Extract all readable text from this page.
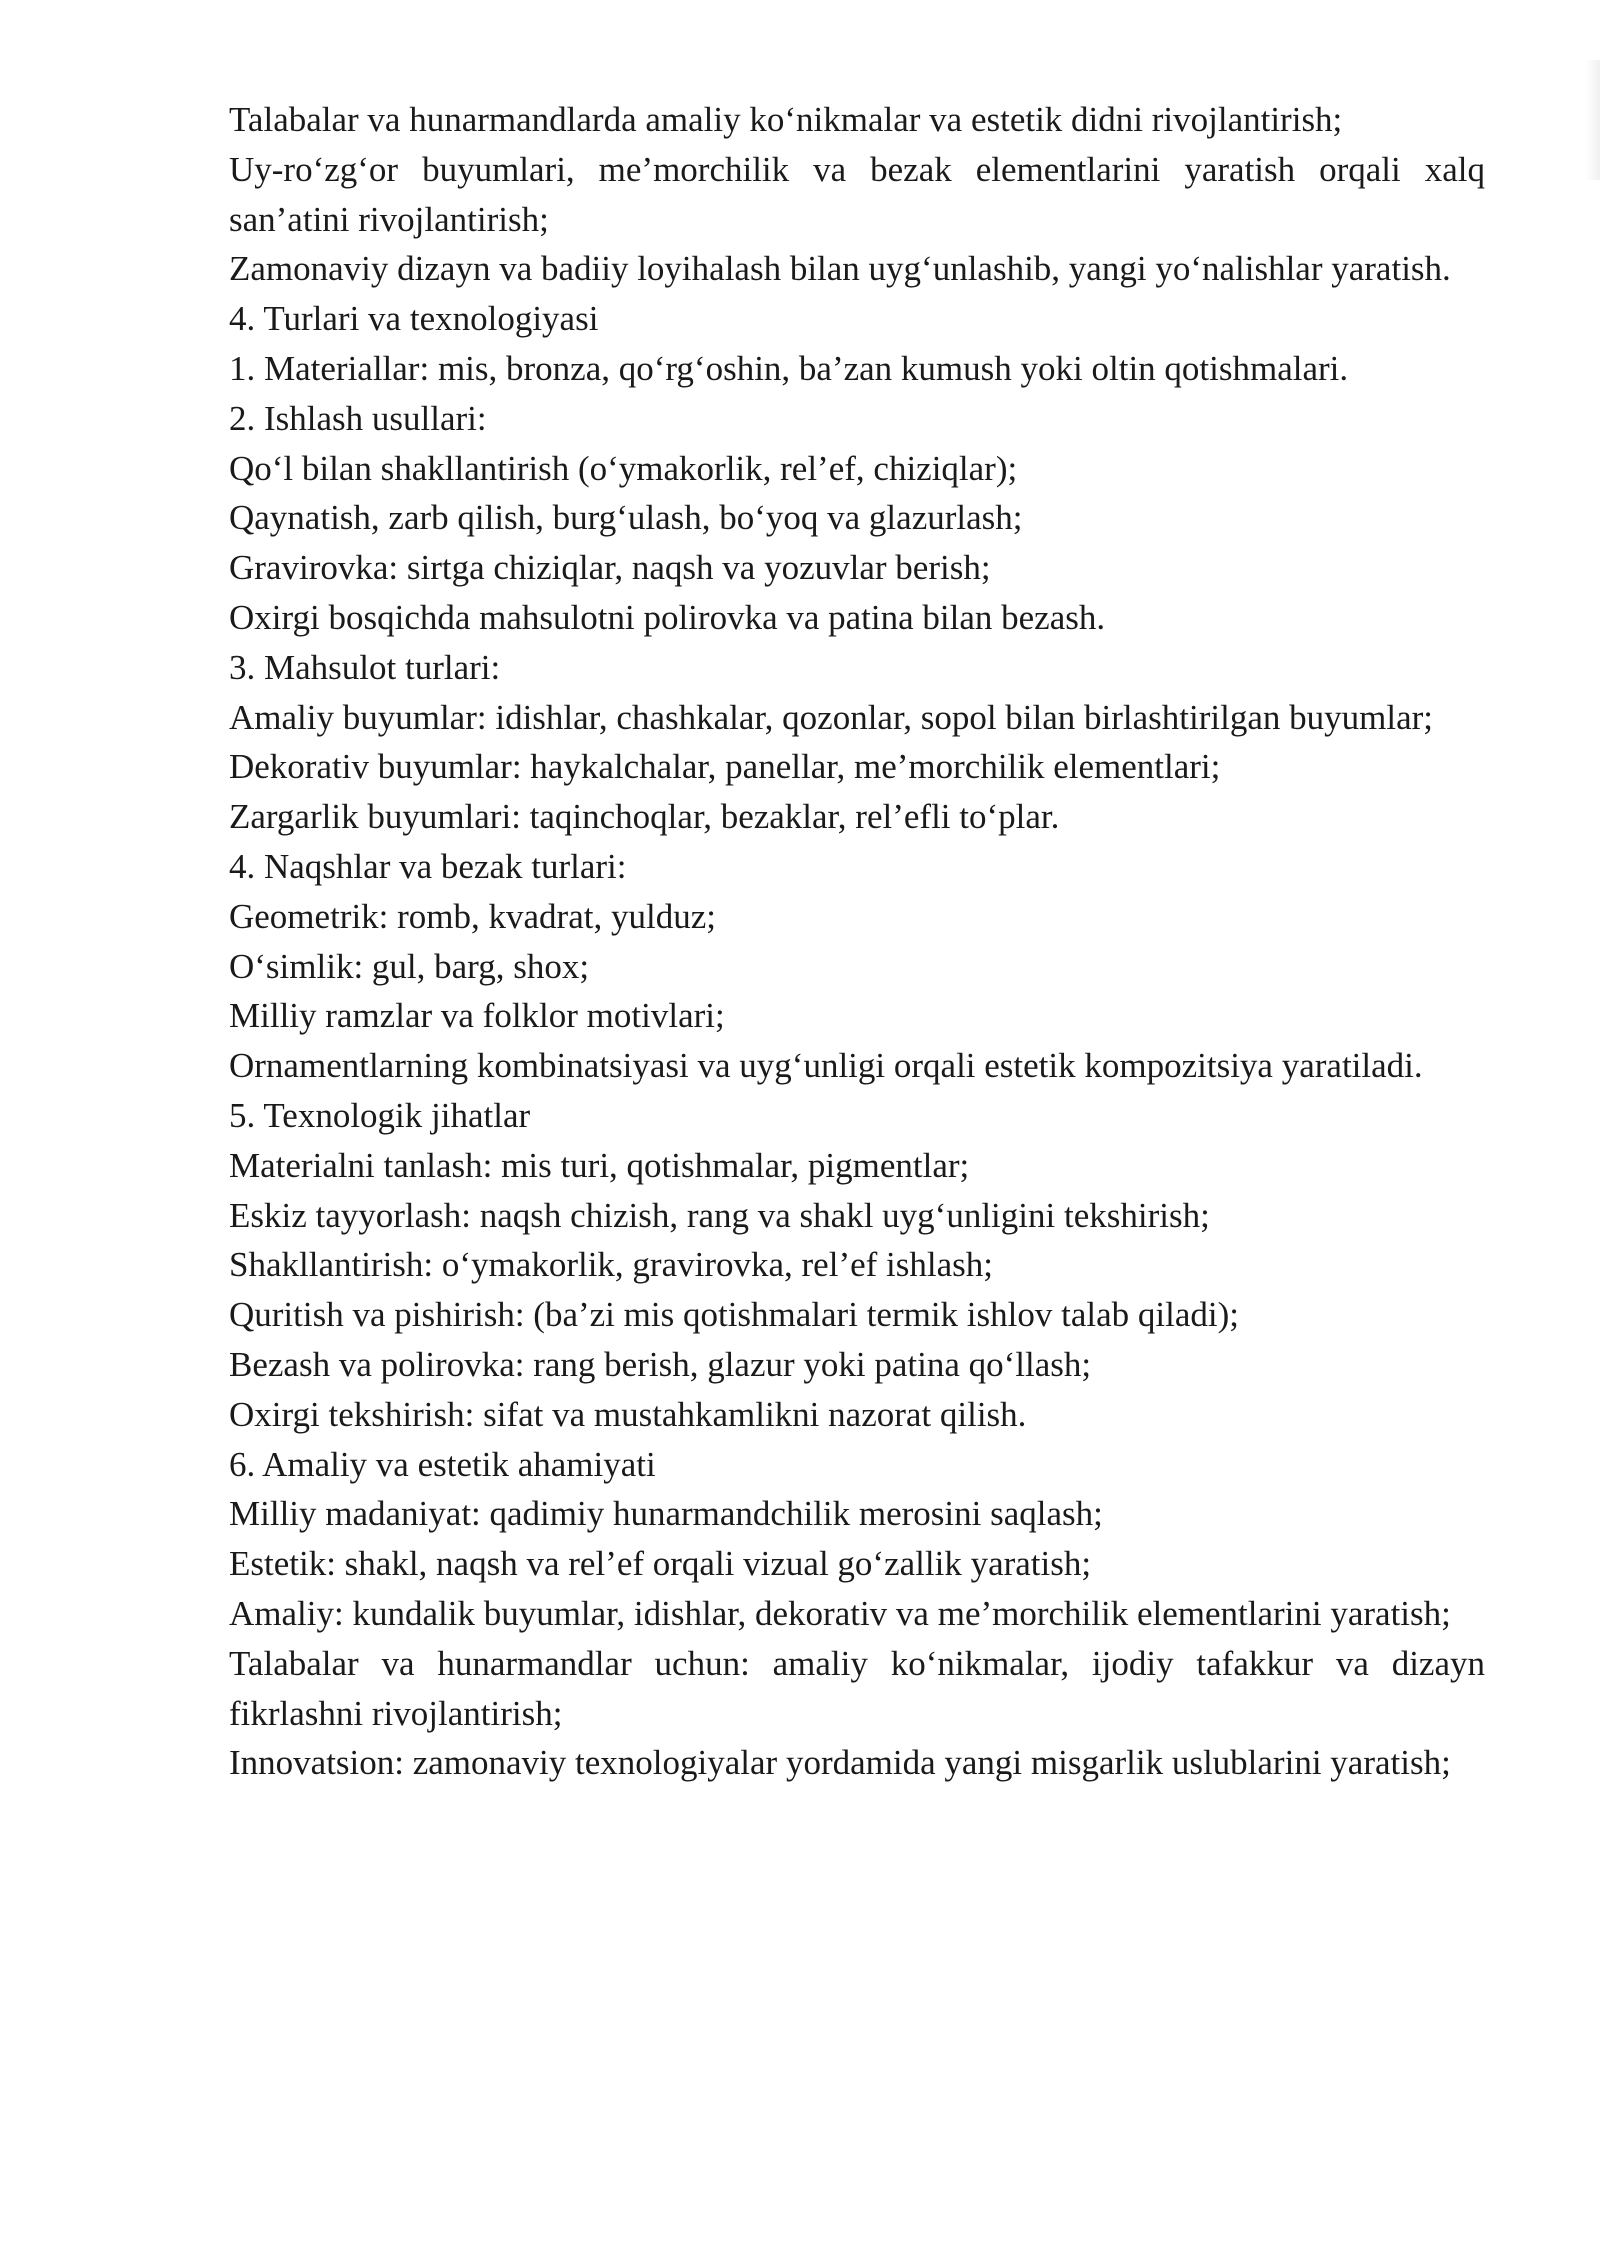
Talabalar va hunarmandlarda amaliy ko‘nikmalar va estetik didni rivojlantirish;

Uy-ro‘zg‘or buyumlari, me’morchilik va bezak elementlarini yaratish orqali xalq san’atini rivojlantirish;

Zamonaviy dizayn va badiiy loyihalash bilan uyg‘unlashib, yangi yo‘nalishlar yaratish.

4. Turlari va texnologiyasi

1. Materiallar: mis, bronza, qo‘rg‘oshin, ba’zan kumush yoki oltin qotishmalari.

2. Ishlash usullari:

Qo‘l bilan shakllantirish (o‘ymakorlik, rel’ef, chiziqlar);

Qaynatish, zarb qilish, burg‘ulash, bo‘yoq va glazurlash;

Gravirovka: sirtga chiziqlar, naqsh va yozuvlar berish;

Oxirgi bosqichda mahsulotni polirovka va patina bilan bezash.

3. Mahsulot turlari:

Amaliy buyumlar: idishlar, chashkalar, qozonlar, sopol bilan birlashtirilgan buyumlar;

Dekorativ buyumlar: haykalchalar, panellar, me’morchilik elementlari;

Zargarlik buyumlari: taqinchoqlar, bezaklar, rel’efli to‘plar.

4. Naqshlar va bezak turlari:

Geometrik: romb, kvadrat, yulduz;

O‘simlik: gul, barg, shox;

Milliy ramzlar va folklor motivlari;

Ornamentlarning kombinatsiyasi va uyg‘unligi orqali estetik kompozitsiya yaratiladi.

5. Texnologik jihatlar

Materialni tanlash: mis turi, qotishmalar, pigmentlar;

Eskiz tayyorlash: naqsh chizish, rang va shakl uyg‘unligini tekshirish;

Shakllantirish: o‘ymakorlik, gravirovka, rel’ef ishlash;

Quritish va pishirish: (ba’zi mis qotishmalari termik ishlov talab qiladi);

Bezash va polirovka: rang berish, glazur yoki patina qo‘llash;

Oxirgi tekshirish: sifat va mustahkamlikni nazorat qilish.

6. Amaliy va estetik ahamiyati

Milliy madaniyat: qadimiy hunarmandchilik merosini saqlash;

Estetik: shakl, naqsh va rel’ef orqali vizual go‘zallik yaratish;

Amaliy: kundalik buyumlar, idishlar, dekorativ va me’morchilik elementlarini yaratish;

Talabalar va hunarmandlar uchun: amaliy ko‘nikmalar, ijodiy tafakkur va dizayn fikrlashni rivojlantirish;

Innovatsion: zamonaviy texnologiyalar yordamida yangi misgarlik uslublarini yaratish;
